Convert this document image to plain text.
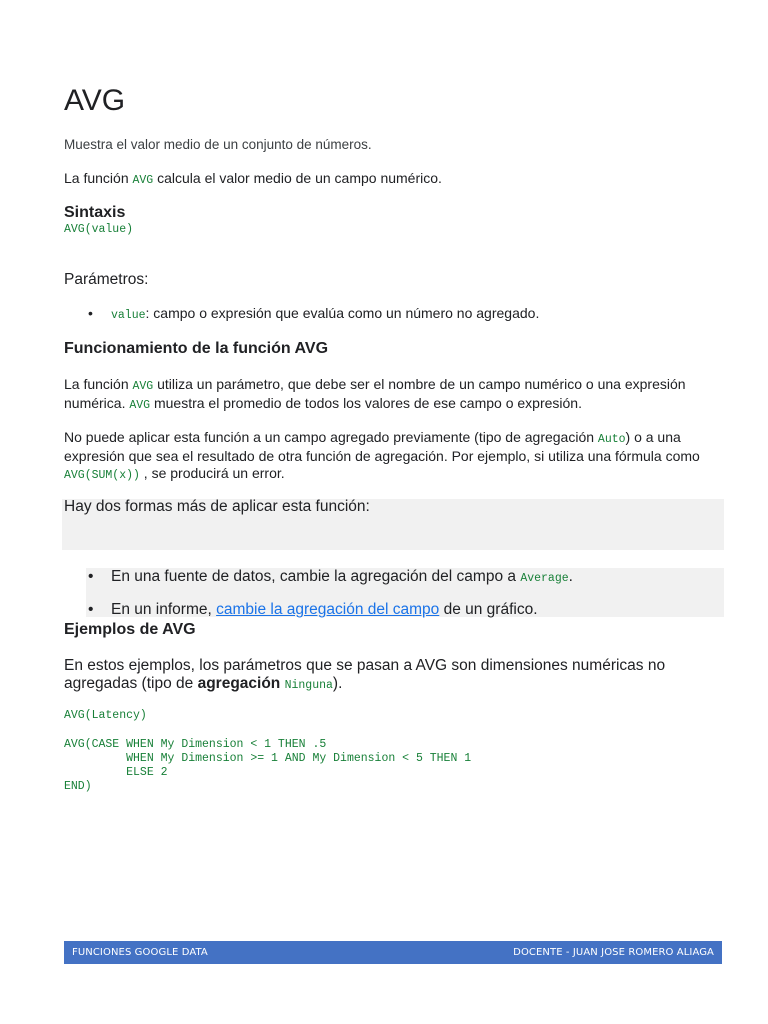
AVG

Muestra el valor medio de un conjunto de números.

La función AVG calcula el valor medio de un campo numérico.

Sintaxis
AVG(value)

Parámetros:

• value: campo o expresión que evalúa como un número no agregado.
Funcionamiento de la función AVG

La función AVG utiliza un parámetro, que debe ser el nombre de un campo numérico o una expresión numérica. AVG muestra el promedio de todos los valores de ese campo o expresión.

No puede aplicar esta función a un campo agregado previamente (tipo de agregación Auto) o a una expresión que sea el resultado de otra función de agregación. Por ejemplo, si utiliza una fórmula como AVG(SUM(x)) , se producirá un error.

Hay dos formas más de aplicar esta función:

• En una fuente de datos, cambie la agregación del campo a Average.
• En un informe, cambie la agregación del campo de un gráfico.
Ejemplos de AVG

En estos ejemplos, los parámetros que se pasan a AVG son dimensiones numéricas no agregadas (tipo de agregación Ninguna).

AVG(Latency)
AVG(CASE WHEN My Dimension < 1 THEN .5
WHEN My Dimension >= 1 AND My Dimension < 5 THEN 1
ELSE 2
END)
FUNCIONES GOOGLE DATA	DOCENTE - JUAN JOSE ROMERO ALIAGA
